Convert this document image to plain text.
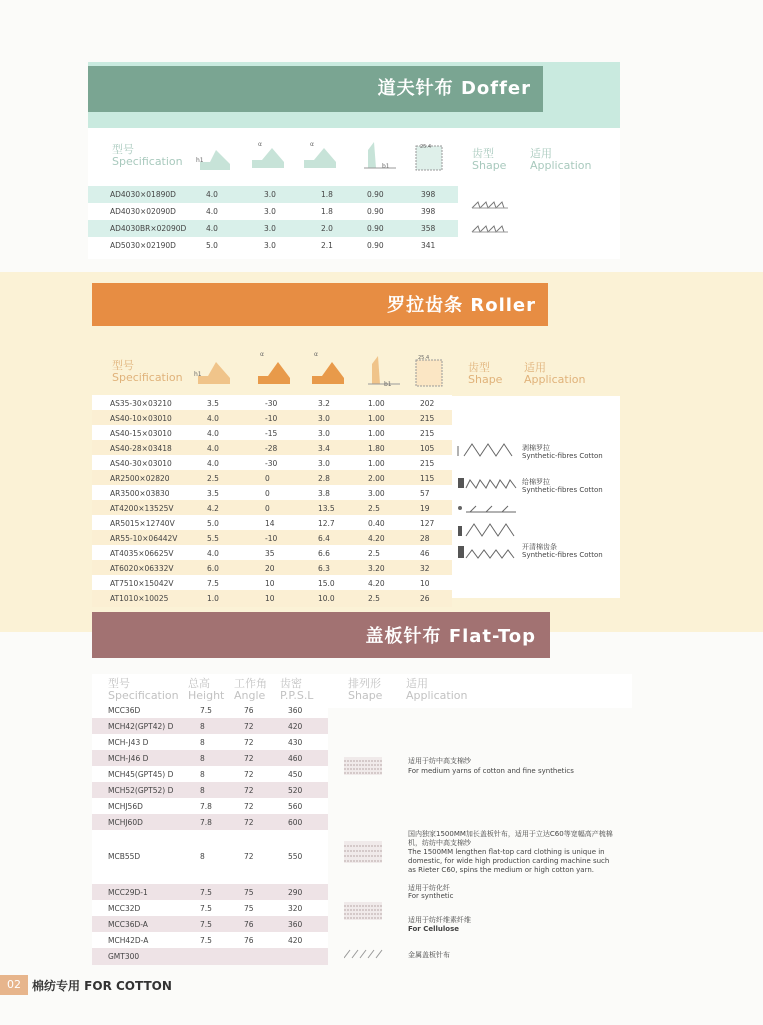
道夫针布 Doffer
型号
Specification h1
α	α
b1
25.4	齿型
Shape
适用
Application
AD4030×01890D	4.0	3.0	1.8	0.90	398
AD4030×02090D	4.0	3.0	1.8	0.90	398
AD4030BR×02090D	4.0	3.0	2.0	0.90	358
AD5030×02190D	5.0	3.0	2.1	0.90	341
罗拉齿条 Roller
型号
Specification h1
α	α
b1
25.4
齿型
Shape
适用
Application
AS35-30×03210	3.5	-30	3.2	1.00	202
AS40-10×03010	4.0	-10	3.0	1.00	215
AS40-15×03010	4.0	-15	3.0	1.00	215
AS40-28×03418	4.0	-28	3.4	1.80	105
AS40-30×03010	4.0	-30	3.0	1.00	215
AR2500×02820	2.5	0	2.8	2.00	115
AR3500×03830	3.5	0	3.8	3.00	57
AT4200×13525V	4.2	0	13.5	2.5	19
AR5015×12740V	5.0	14	12.7	0.40	127
AR55-10×06442V	5.5	-10	6.4	4.20	28
AT4035×06625V	4.0	35	6.6	2.5	46
AT6020×06332V	6.0	20	6.3	3.20	32
AT7510×15042V	7.5	10	15.0	4.20	10
AT1010×10025	1.0	10	10.0	2.5	26
剥棉罗拉
Synthetic-fibres Cotton
给棉罗拉
Synthetic-fibres Cotton
开清棉齿条
Synthetic-fibres Cotton
盖板针布 Flat-Top
型号
Specification
总高
Height
工作角
Angle
齿密
P.P.S.L
排列形
Shape
适用
Application
MCC36D	7.5	76	360
MCH42(GPT42) D	8	72	420
MCH-J43 D	8	72	430
MCH-J46 D	8	72	460
MCH45(GPT45) D	8	72	450
MCH52(GPT52) D	8	72	520
MCHJ56D	7.8	72	560
MCHJ60D	7.8	72	600
MCB55D	8	72	550
MCC29D-1	7.5	75	290
MCC32D	7.5	75	320
MCC36D-A	7.5	76	360
MCH42D-A	7.5	76	420
GMT300
适用于纺中高支棉纱
For medium yarns of cotton and fine synthetics
国内独家1500MM加长盖板针布，适用于立达C60等宽幅高产梳棉机，纺纺中高支棉纱
The 1500MM lengthen flat-top card clothing is unique in domestic, for wide high production carding machine such as Rieter C60, spins the medium or high cotton yarn.
适用于纺化纤
For synthetic
适用于纺纤维素纤维
For Cellulose
金属盖板针布
02 棉纺专用 FOR COTTON
